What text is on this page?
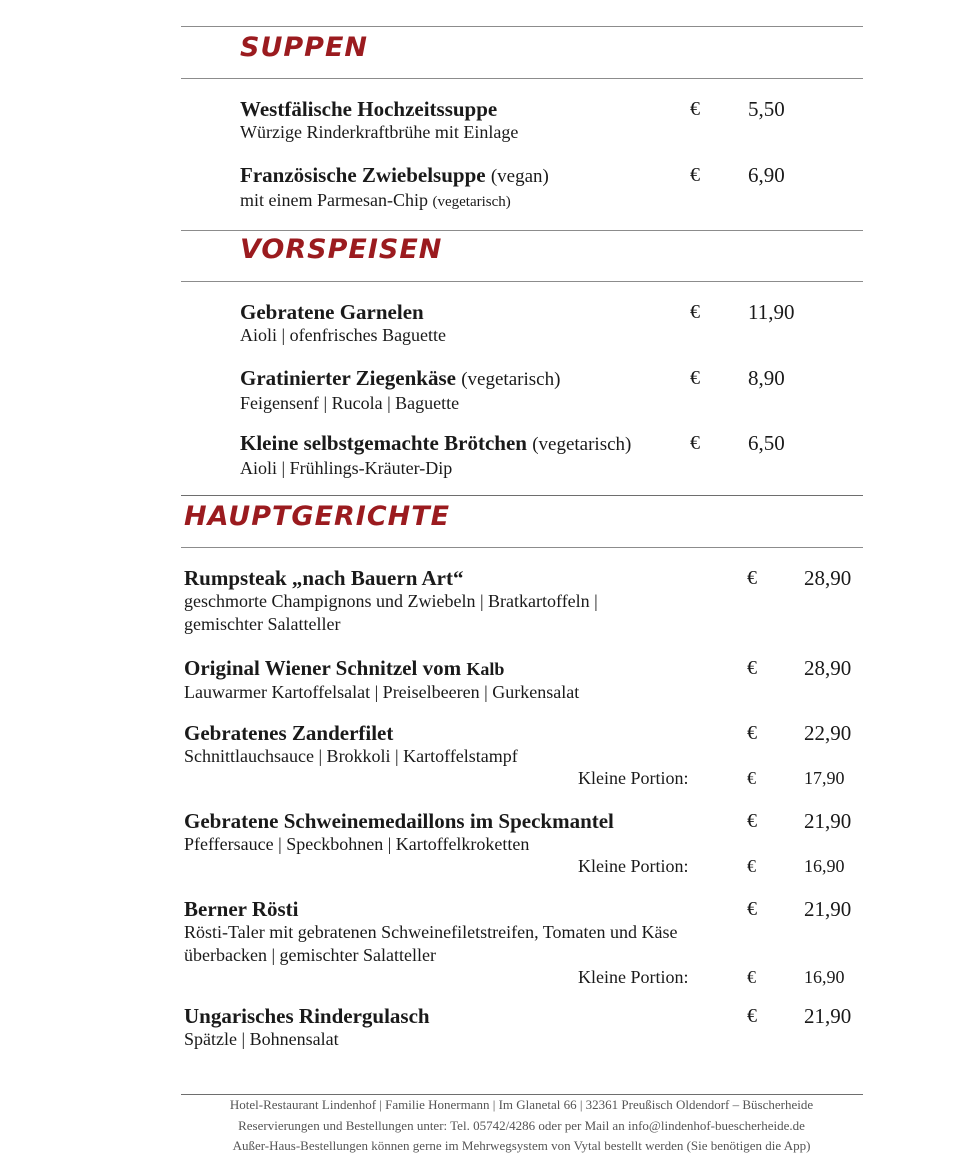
SUPPEN
Westfälische Hochzeitssuppe
Würzige Rinderkraftbrühe mit Einlage
€ 5,50
Französische Zwiebelsuppe (vegan)
mit einem Parmesan-Chip (vegetarisch)
€ 6,90
VORSPEISEN
Gebratene Garnelen
Aioli | ofenfrisches Baguette
€ 11,90
Gratinierter Ziegenkäse (vegetarisch)
Feigensenf | Rucola | Baguette
€ 8,90
Kleine selbstgemachte Brötchen (vegetarisch)
Aioli | Frühlings-Kräuter-Dip
€ 6,50
HAUPTGERICHTE
Rumpsteak „nach Bauern Art“
geschmorte Champignons und Zwiebeln | Bratkartoffeln |
gemischter Salatteller
€ 28,90
Original Wiener Schnitzel vom Kalb
Lauwarmer Kartoffelsalat | Preiselbeeren | Gurkensalat
€ 28,90
Gebratenes Zanderfilet
Schnittlauchsauce | Brokkoli | Kartoffelstampf
€ 22,90
Kleine Portion:	€	17,90
Gebratene Schweinemedaillons im Speckmantel
Pfeffersauce | Speckbohnen | Kartoffelkroketten
€ 21,90
Kleine Portion:	€	16,90
Berner Rösti
Rösti-Taler mit gebratenen Schweinefiletstreifen, Tomaten und Käse
überbacken | gemischter Salatteller
€ 21,90
Kleine Portion:	€	16,90
Ungarisches Rindergulasch
Spätzle | Bohnensalat
€ 21,90
Hotel-Restaurant Lindenhof | Familie Honermann | Im Glanetal 66 | 32361 Preußisch Oldendorf – Büscherheide
Reservierungen und Bestellungen unter: Tel. 05742/4286 oder per Mail an info@lindenhof-buescherheide.de
Außer-Haus-Bestellungen können gerne im Mehrwegsystem von Vytal bestellt werden (Sie benötigen die App)
